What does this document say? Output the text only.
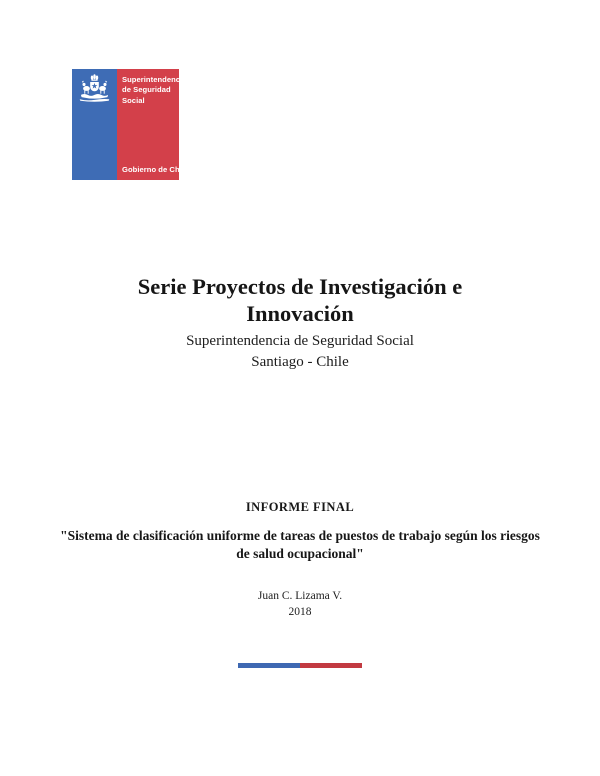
Superintendencia
de Seguridad
Social
Gobierno de Chile
Serie Proyectos de Investigación e
Innovación
Superintendencia de Seguridad Social
Santiago - Chile
INFORME FINAL
"Sistema de clasificación uniforme de tareas de puestos de trabajo según los riesgos de salud ocupacional"
Juan C. Lizama V.
2018
